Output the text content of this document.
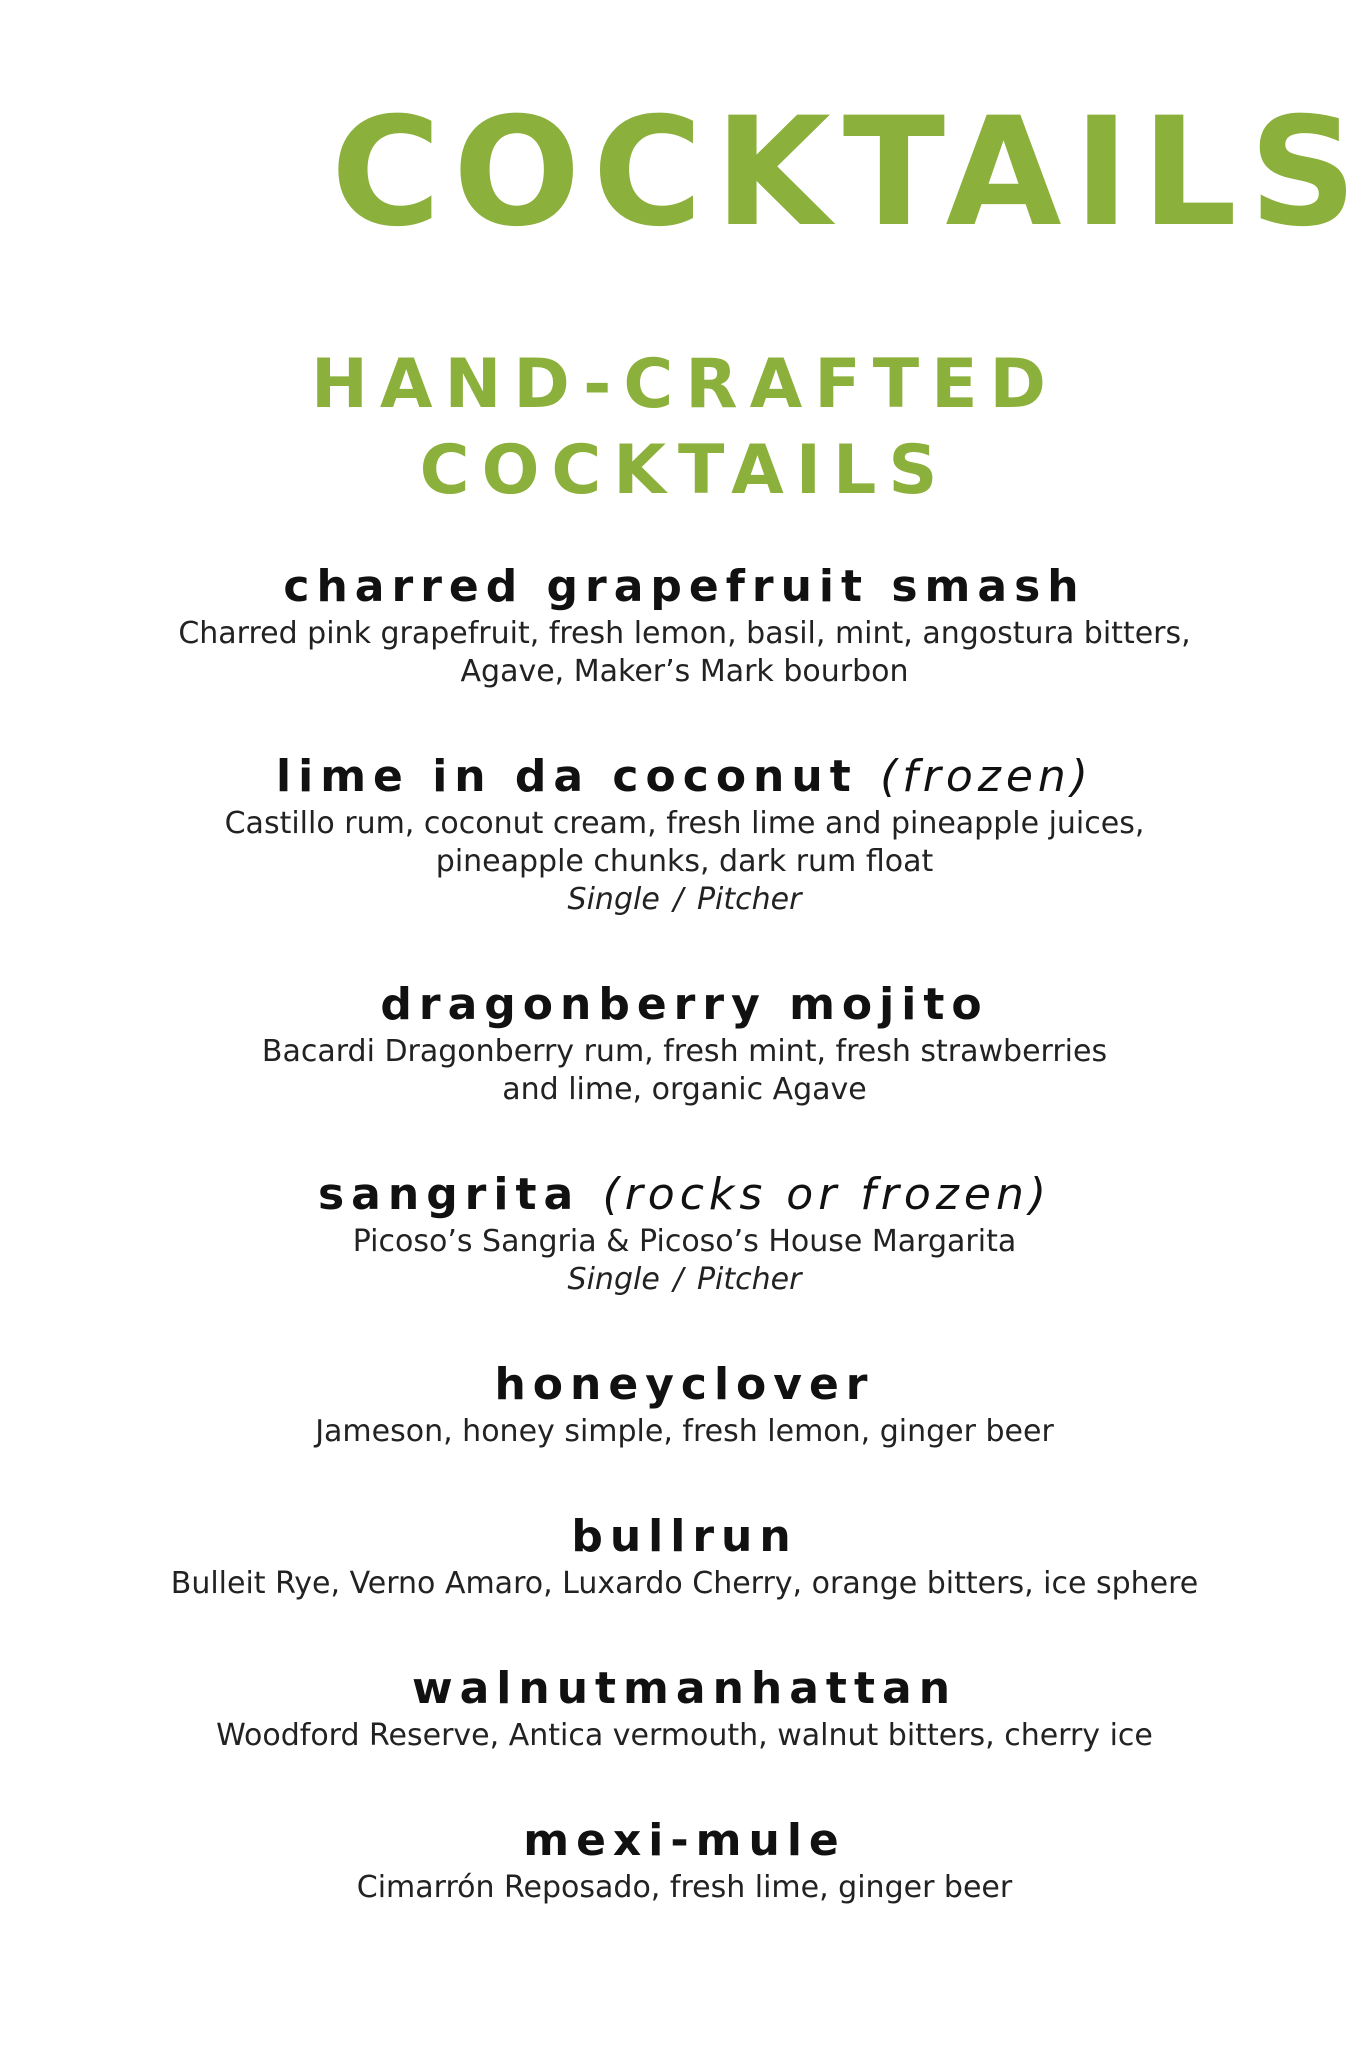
COCKTAILS
HAND-CRAFTED
COCKTAILS
charred grapefruit smash
Charred pink grapefruit, fresh lemon, basil, mint, angostura bitters,
Agave, Maker’s Mark bourbon
lime in da coconut (frozen)
Castillo rum, coconut cream, fresh lime and pineapple juices,
pineapple chunks, dark rum float
Single / Pitcher
dragonberry mojito
Bacardi Dragonberry rum, fresh mint, fresh strawberries
and lime, organic Agave
sangrita (rocks or frozen)
Picoso’s Sangria & Picoso’s House Margarita
Single / Pitcher
honeyclover
Jameson, honey simple, fresh lemon, ginger beer
bullrun
Bulleit Rye, Verno Amaro, Luxardo Cherry, orange bitters, ice sphere
walnutmanhattan
Woodford Reserve, Antica vermouth, walnut bitters, cherry ice
mexi-mule
Cimarrón Reposado, fresh lime, ginger beer
